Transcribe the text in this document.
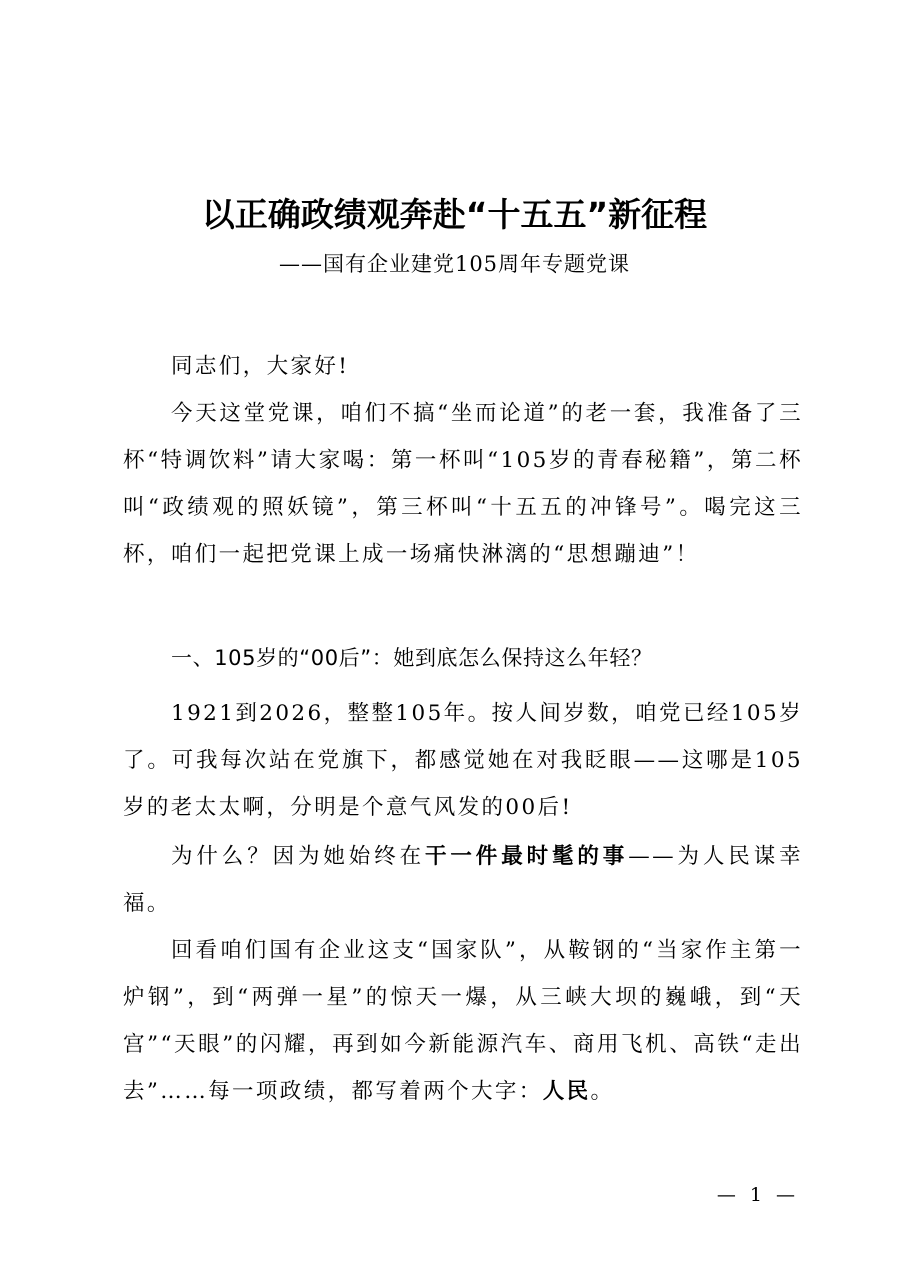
以正确政绩观奔赴“十五五”新征程
——国有企业建党105周年专题党课

同志们，大家好!

今天这堂党课，咱们不搞“坐而论道”的老一套，我准备了三杯“特调饮料”请大家喝：第一杯叫“105岁的青春秘籍”，第二杯叫“政绩观的照妖镜”，第三杯叫“十五五的冲锋号”。喝完这三杯，咱们一起把党课上成一场痛快淋漓的“思想蹦迪”！

一、105岁的“00后”：她到底怎么保持这么年轻？

1921到2026，整整105年。按人间岁数，咱党已经105岁了。可我每次站在党旗下，都感觉她在对我眨眼——这哪是105岁的老太太啊，分明是个意气风发的00后!

为什么？因为她始终在干一件最时髦的事——为人民谋幸福。

回看咱们国有企业这支“国家队”，从鞍钢的“当家作主第一炉钢”，到“两弹一星”的惊天一爆，从三峡大坝的巍峨，到“天宫”“天眼”的闪耀，再到如今新能源汽车、商用飞机、高铁“走出去”……每一项政绩，都写着两个大字：人民。

— 1 —
